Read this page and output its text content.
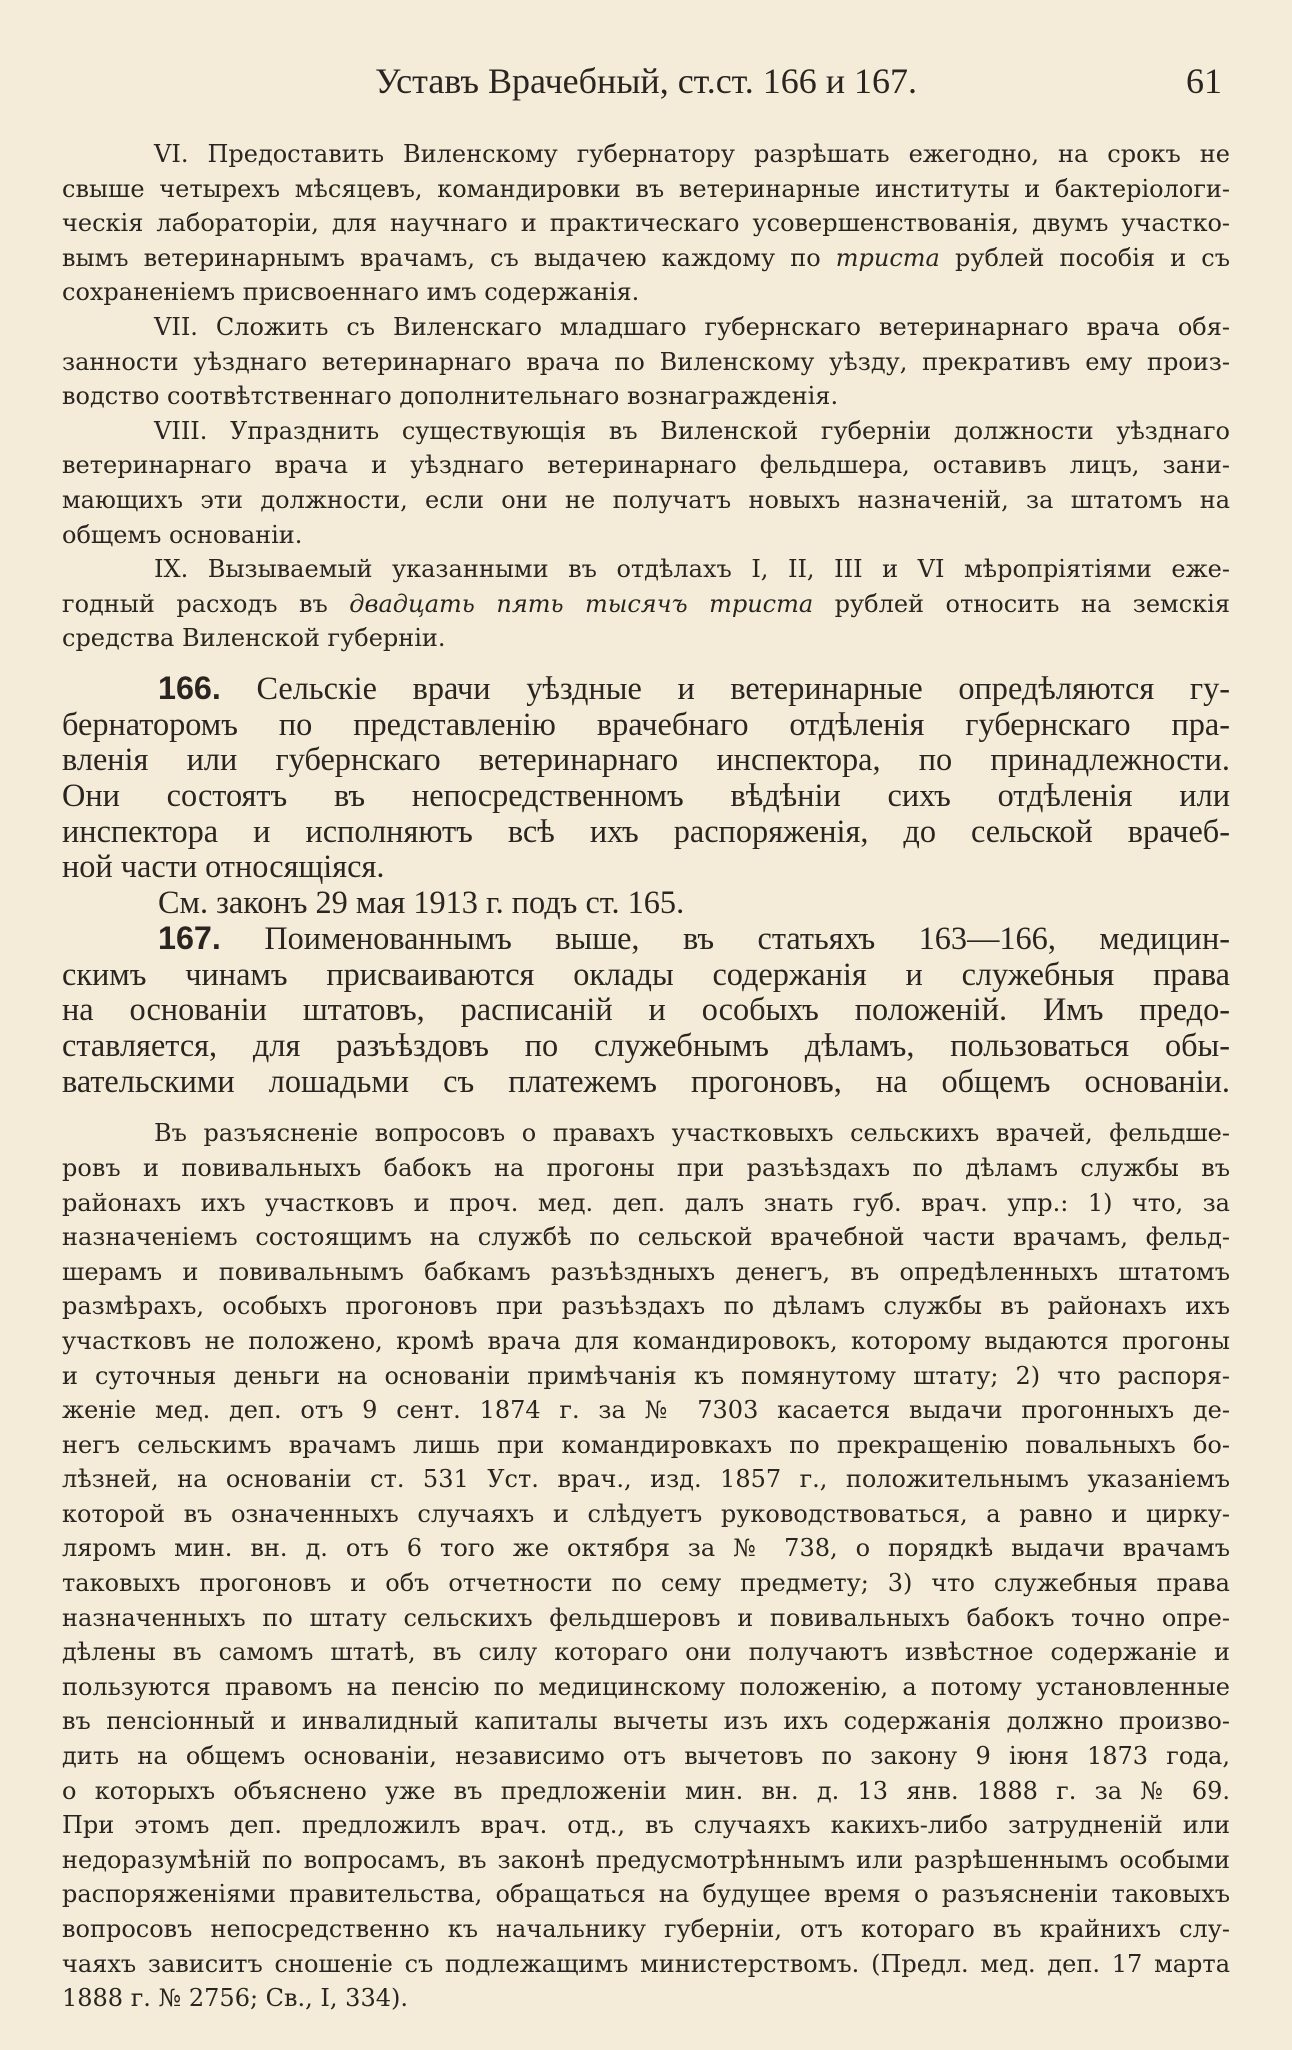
Уставъ Врачебный, ст.ст. 166 и 167.	61

VI. Предоставить Виленскому губернатору разрѣшать ежегодно, на срокъ не
свыше четырехъ мѣсяцевъ, командировки въ ветеринарные институты и бактеріологи-
ческія лабораторіи, для научнаго и практическаго усовершенствованія, двумъ участко-
вымъ ветеринарнымъ врачамъ, съ выдачею каждому по триста рублей пособія и съ
сохраненіемъ присвоеннаго имъ содержанія.

VII. Сложить съ Виленскаго младшаго губернскаго ветеринарнаго врача обя-
занности уѣзднаго ветеринарнаго врача по Виленскому уѣзду, прекративъ ему произ-
водство соотвѣтственнаго дополнительнаго вознагражденія.

VIII. Упразднить существующія въ Виленской губерніи должности уѣзднаго
ветеринарнаго врача и уѣзднаго ветеринарнаго фельдшера, оставивъ лицъ, зани-
мающихъ эти должности, если они не получатъ новыхъ назначеній, за штатомъ на
общемъ основаніи.

IX. Вызываемый указанными въ отдѣлахъ I, II, III и VI мѣропріятіями еже-
годный расходъ въ двадцать пять тысячъ триста рублей относить на земскія
средства Виленской губерніи.

166. Сельскіе врачи уѣздные и ветеринарные опредѣляются гу-
бернаторомъ по представленію врачебнаго отдѣленія губернскаго пра-
вленія или губернскаго ветеринарнаго инспектора, по принадлежности.
Они состоятъ въ непосредственномъ вѣдѣніи сихъ отдѣленія или
инспектора и исполняютъ всѣ ихъ распоряженія, до сельской врачеб-
ной части относящіяся.
См. законъ 29 мая 1913 г. подъ ст. 165.
167. Поименованнымъ выше, въ статьяхъ 163—166, медицин-
скимъ чинамъ присваиваются оклады содержанія и служебныя права
на основаніи штатовъ, расписаній и особыхъ положеній. Имъ предо-
ставляется, для разъѣздовъ по служебнымъ дѣламъ, пользоваться обы-
вательскими лошадьми съ платежемъ прогоновъ, на общемъ основаніи.
Въ разъясненіе вопросовъ о правахъ участковыхъ сельскихъ врачей, фельдше-
ровъ и повивальныхъ бабокъ на прогоны при разъѣздахъ по дѣламъ службы въ
районахъ ихъ участковъ и проч. мед. деп. далъ знать губ. врач. упр.: 1) что, за
назначеніемъ состоящимъ на службѣ по сельской врачебной части врачамъ, фельд-
шерамъ и повивальнымъ бабкамъ разъѣздныхъ денегъ, въ опредѣленныхъ штатомъ
размѣрахъ, особыхъ прогоновъ при разъѣздахъ по дѣламъ службы въ районахъ ихъ
участковъ не положено, кромѣ врача для командировокъ, которому выдаются прогоны
и суточныя деньги на основаніи примѣчанія къ помянутому штату; 2) что распоря-
женіе мед. деп. отъ 9 сент. 1874 г. за № 7303 касается выдачи прогонныхъ де-
негъ сельскимъ врачамъ лишь при командировкахъ по прекращенію повальныхъ бо-
лѣзней, на основаніи ст. 531 Уст. врач., изд. 1857 г., положительнымъ указаніемъ
которой въ означенныхъ случаяхъ и слѣдуетъ руководствоваться, а равно и цирку-
ляромъ мин. вн. д. отъ 6 того же октября за № 738, о порядкѣ выдачи врачамъ
таковыхъ прогоновъ и объ отчетности по сему предмету; 3) что служебныя права
назначенныхъ по штату сельскихъ фельдшеровъ и повивальныхъ бабокъ точно опре-
дѣлены въ самомъ штатѣ, въ силу котораго они получаютъ извѣстное содержаніе и
пользуются правомъ на пенсію по медицинскому положенію, а потому установленные
въ пенсіонный и инвалидный капиталы вычеты изъ ихъ содержанія должно произво-
дить на общемъ основаніи, независимо отъ вычетовъ по закону 9 іюня 1873 года,
о которыхъ объяснено уже въ предложеніи мин. вн. д. 13 янв. 1888 г. за № 69.
При этомъ деп. предложилъ врач. отд., въ случаяхъ какихъ-либо затрудненій или
недоразумѣній по вопросамъ, въ законѣ предусмотрѣннымъ или разрѣшеннымъ особыми
распоряженіями правительства, обращаться на будущее время о разъясненіи таковыхъ
вопросовъ непосредственно къ начальнику губерніи, отъ котораго въ крайнихъ слу-
чаяхъ зависитъ сношеніе съ подлежащимъ министерствомъ. (Предл. мед. деп. 17 марта
1888 г. № 2756; Св., I, 334).
